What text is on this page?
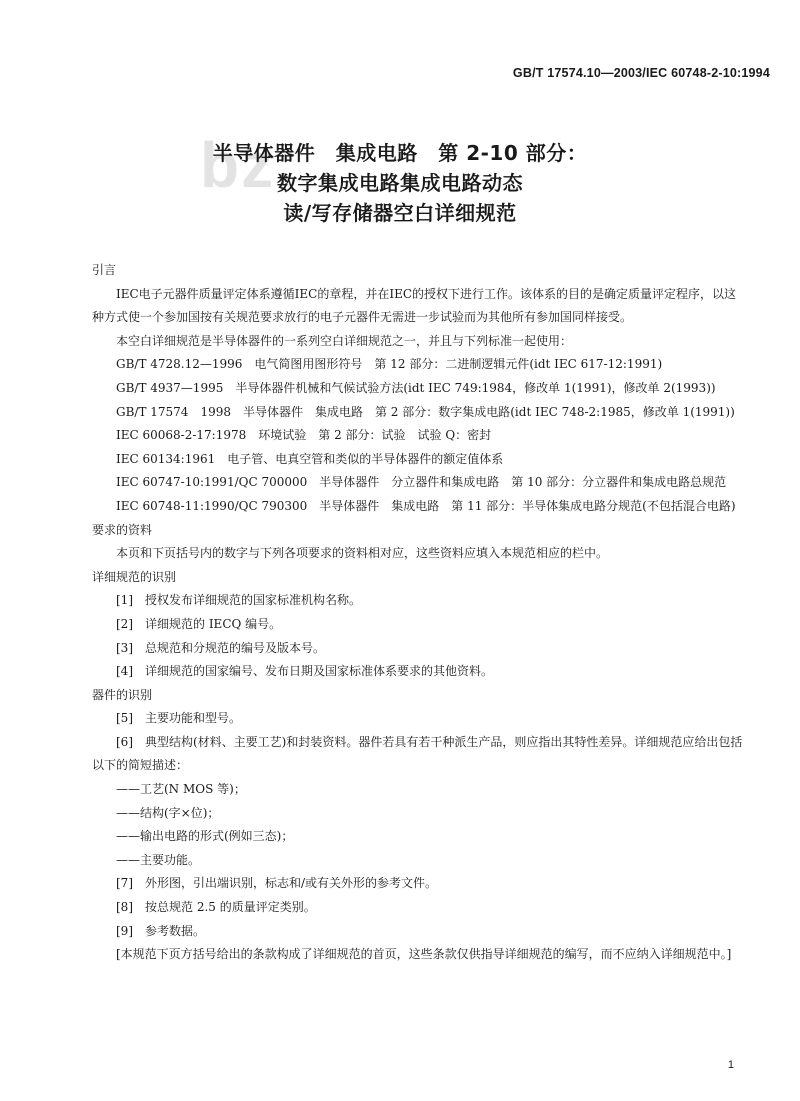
GB/T 17574.10—2003/IEC 60748-2-10:1994
bz
半导体器件　集成电路　第 2-10 部分：
数字集成电路集成电路动态
读/写存储器空白详细规范

引言

IEC电子元器件质量评定体系遵循IEC的章程，并在IEC的授权下进行工作。该体系的目的是确定质量评定程序，以这种方式使一个参加国按有关规范要求放行的电子元器件无需进一步试验而为其他所有参加国同样接受。

本空白详细规范是半导体器件的一系列空白详细规范之一，并且与下列标准一起使用：

GB/T 4728.12—1996　电气简图用图形符号　第 12 部分：二进制逻辑元件(idt IEC 617-12:1991)

GB/T 4937—1995　半导体器件机械和气候试验方法(idt IEC 749:1984，修改单 1(1991)，修改单 2(1993))

GB/T 17574　1998　半导体器件　集成电路　第 2 部分：数字集成电路(idt IEC 748-2:1985，修改单 1(1991))

IEC 60068-2-17:1978　环境试验　第 2 部分：试验　试验 Q：密封

IEC 60134:1961　电子管、电真空管和类似的半导体器件的额定值体系

IEC 60747-10:1991/QC 700000　半导体器件　分立器件和集成电路　第 10 部分：分立器件和集成电路总规范

IEC 60748-11:1990/QC 790300　半导体器件　集成电路　第 11 部分：半导体集成电路分规范(不包括混合电路)

要求的资料

本页和下页括号内的数字与下列各项要求的资料相对应，这些资料应填入本规范相应的栏中。

详细规范的识别

[1]　授权发布详细规范的国家标准机构名称。

[2]　详细规范的 IECQ 编号。

[3]　总规范和分规范的编号及版本号。

[4]　详细规范的国家编号、发布日期及国家标准体系要求的其他资料。

器件的识别

[5]　主要功能和型号。

[6]　典型结构(材料、主要工艺)和封装资料。器件若具有若干种派生产品，则应指出其特性差异。详细规范应给出包括以下的简短描述：

——工艺(N MOS 等)；

——结构(字×位)；

——输出电路的形式(例如三态)；

——主要功能。

[7]　外形图，引出端识别，标志和/或有关外形的参考文件。

[8]　按总规范 2.5 的质量评定类别。

[9]　参考数据。

[本规范下页方括号给出的条款构成了详细规范的首页，这些条款仅供指导详细规范的编写，而不应纳入详细规范中。]

1
